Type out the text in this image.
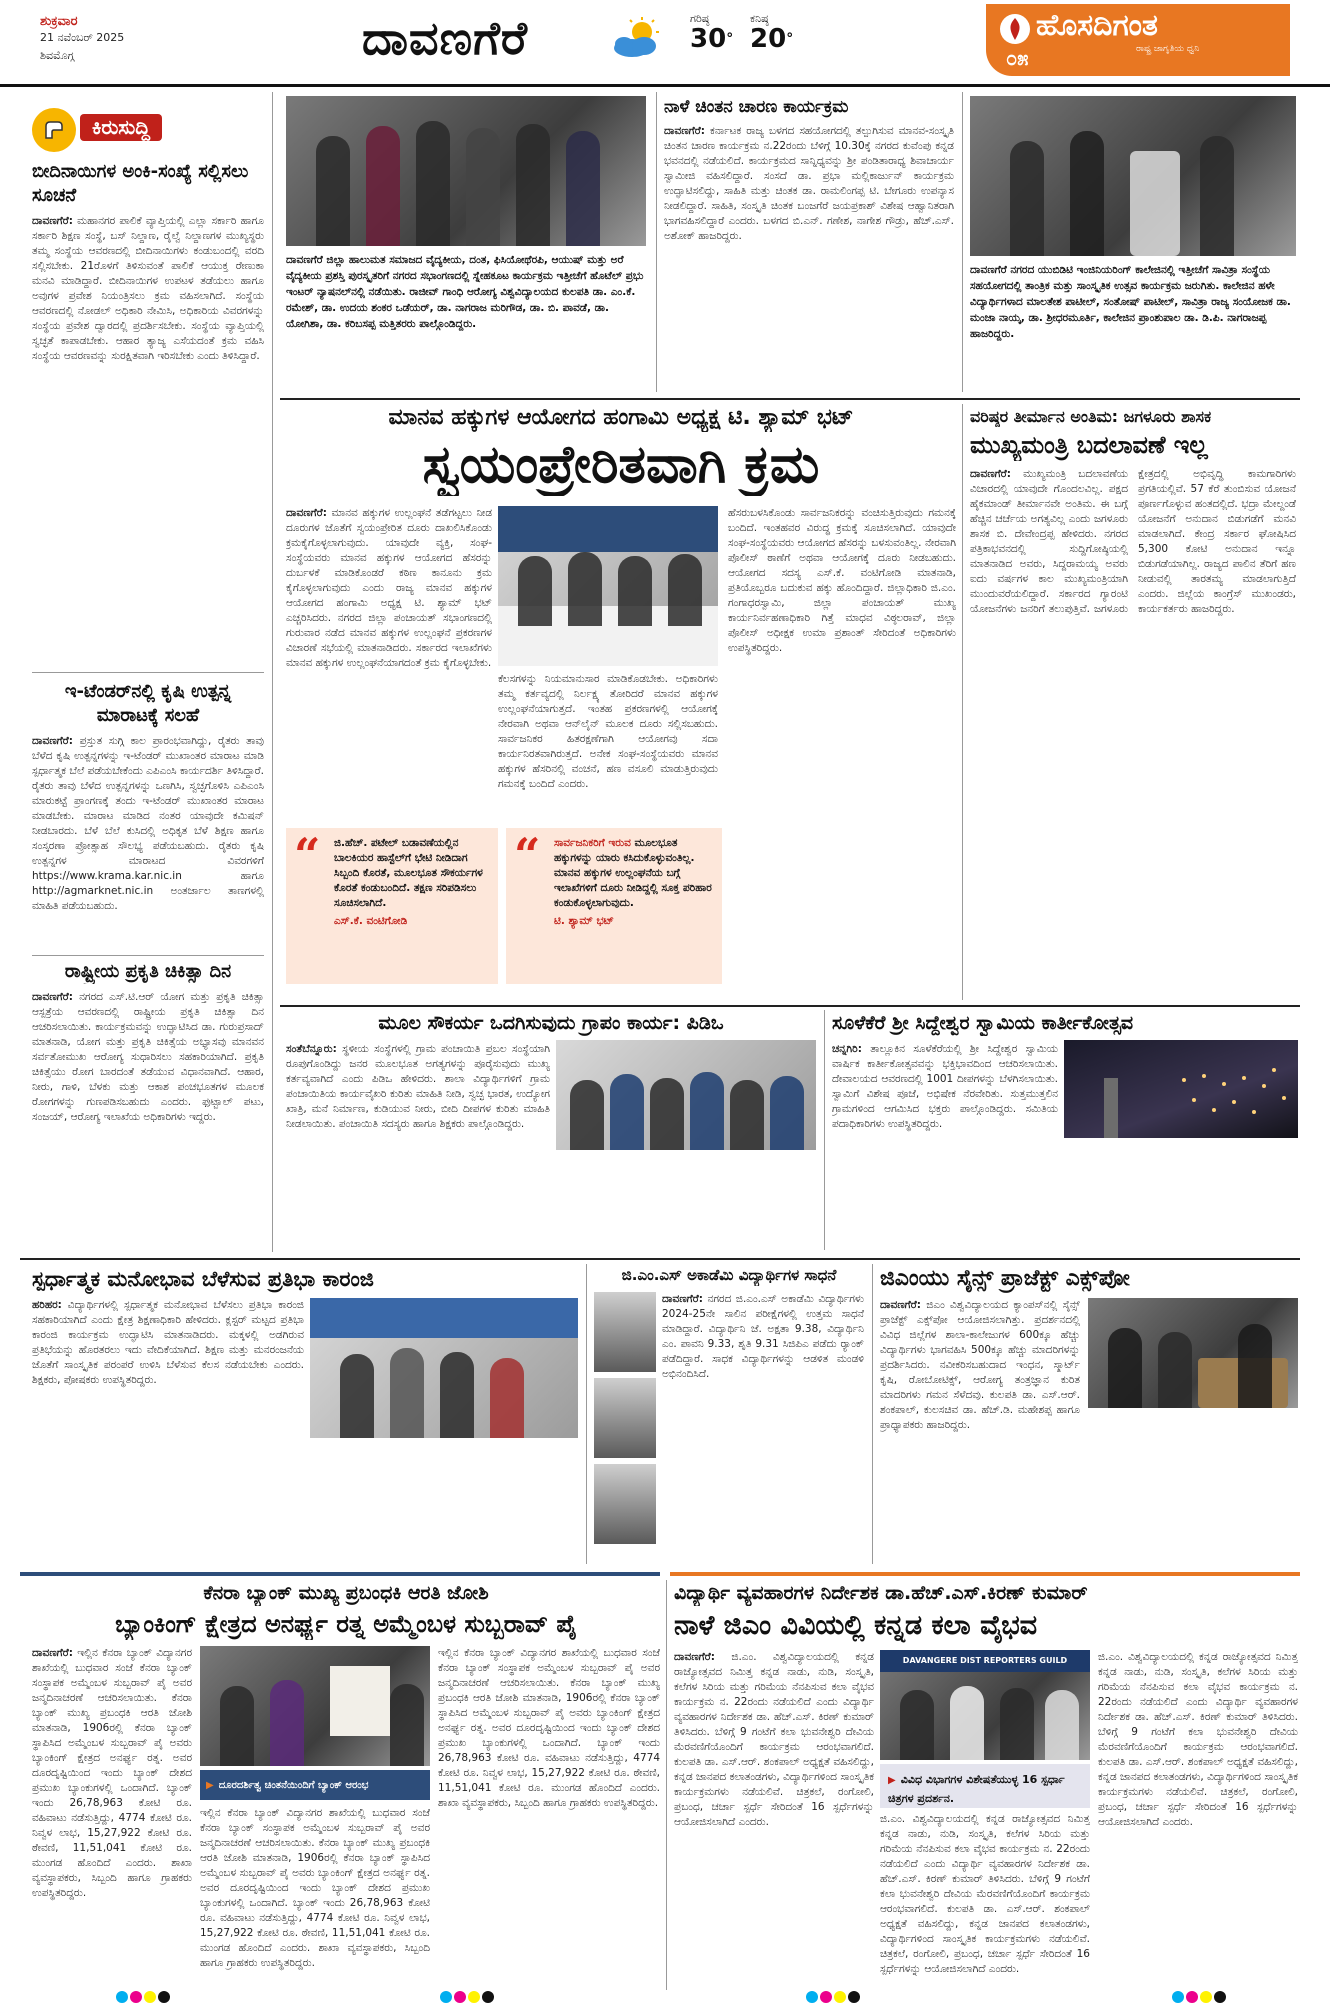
ಶುಕ್ರವಾರ
21 ನವೆಂಬರ್ 2025
ಶಿವಮೊಗ್ಗ	ದಾವಣಗೆರೆ	ಗರಿಷ್ಠ
30°
ಕನಿಷ್ಠ
20°	ಹೊಸದಿಗಂತ
ರಾಷ್ಟ್ರ ಜಾಗೃತಿಯ ಧ್ವನಿ
೦೫
ಕಿರುಸುದ್ದಿ
ಬೀದಿನಾಯಿಗಳ ಅಂಕಿ-ಸಂಖ್ಯೆ ಸಲ್ಲಿಸಲು ಸೂಚನೆ
ದಾವಣಗೆರೆ: ಮಹಾನಗರ ಪಾಲಿಕೆ ವ್ಯಾಪ್ತಿಯಲ್ಲಿ ಎಲ್ಲಾ ಸರ್ಕಾರಿ ಹಾಗೂ ಸರ್ಕಾರಿ ಶಿಕ್ಷಣ ಸಂಸ್ಥೆ, ಬಸ್ ನಿಲ್ದಾಣ, ರೈಲ್ವೆ ನಿಲ್ದಾಣಗಳ ಮುಖ್ಯಸ್ಥರು ತಮ್ಮ ಸಂಸ್ಥೆಯ ಆವರಣದಲ್ಲಿ ಬೀದಿನಾಯಿಗಳು ಕಂಡುಬಂದಲ್ಲಿ ವರದಿ ಸಲ್ಲಿಸಬೇಕು. 21ರೊಳಗೆ ತಿಳಿಸುವಂತೆ ಪಾಲಿಕೆ ಆಯುಕ್ತ ರೇಣುಕಾ ಮನವಿ ಮಾಡಿದ್ದಾರೆ. ಬೀದಿನಾಯಿಗಳ ಉಪಟಳ ತಡೆಯಲು ಹಾಗೂ ಅವುಗಳ ಪ್ರವೇಶ ನಿಯಂತ್ರಿಸಲು ಕ್ರಮ ವಹಿಸಲಾಗಿದೆ. ಸಂಸ್ಥೆಯ ಆವರಣದಲ್ಲಿ ನೋಡಲ್ ಅಧಿಕಾರಿ ನೇಮಿಸಿ, ಅಧಿಕಾರಿಯ ವಿವರಗಳನ್ನು ಸಂಸ್ಥೆಯ ಪ್ರವೇಶ ದ್ವಾರದಲ್ಲಿ ಪ್ರದರ್ಶಿಸಬೇಕು. ಸಂಸ್ಥೆಯ ವ್ಯಾಪ್ತಿಯಲ್ಲಿ ಸ್ವಚ್ಛತೆ ಕಾಪಾಡಬೇಕು. ಆಹಾರ ತ್ಯಾಜ್ಯ ಎಸೆಯದಂತೆ ಕ್ರಮ ವಹಿಸಿ ಸಂಸ್ಥೆಯ ಆವರಣವನ್ನು ಸುರಕ್ಷಿತವಾಗಿ ಇರಿಸಬೇಕು ಎಂದು ತಿಳಿಸಿದ್ದಾರೆ.
ಇ-ಟೆಂಡರ್‌ನಲ್ಲಿ ಕೃಷಿ ಉತ್ಪನ್ನ ಮಾರಾಟಕ್ಕೆ ಸಲಹೆ
ದಾವಣಗೆರೆ: ಪ್ರಸ್ತುತ ಸುಗ್ಗಿ ಕಾಲ ಪ್ರಾರಂಭವಾಗಿದ್ದು, ರೈತರು ತಾವು ಬೆಳೆದ ಕೃಷಿ ಉತ್ಪನ್ನಗಳನ್ನು ಇ-ಟೆಂಡರ್ ಮುಖಾಂತರ ಮಾರಾಟ ಮಾಡಿ ಸ್ಪರ್ಧಾತ್ಮಕ ಬೆಲೆ ಪಡೆಯಬೇಕೆಂದು ಎಪಿಎಂಸಿ ಕಾರ್ಯದರ್ಶಿ ತಿಳಿಸಿದ್ದಾರೆ. ರೈತರು ತಾವು ಬೆಳೆದ ಉತ್ಪನ್ನಗಳನ್ನು ಒಣಗಿಸಿ, ಸ್ವಚ್ಛಗೊಳಿಸಿ ಎಪಿಎಂಸಿ ಮಾರುಕಟ್ಟೆ ಪ್ರಾಂಗಣಕ್ಕೆ ತಂದು ಇ-ಟೆಂಡರ್ ಮುಖಾಂತರ ಮಾರಾಟ ಮಾಡಬೇಕು. ಮಾರಾಟ ಮಾಡಿದ ನಂತರ ಯಾವುದೇ ಕಮಿಷನ್ ನೀಡಬಾರದು. ಬೆಳೆ ಬೆಲೆ ಕುಸಿದಲ್ಲಿ ಅಧಿಕೃತ ಬೆಳೆ ಶಿಕ್ಷಣ ಹಾಗೂ ಸಂಸ್ಕರಣಾ ಪ್ರೋತ್ಸಾಹ ಸೌಲಭ್ಯ ಪಡೆಯಬಹುದು. ರೈತರು ಕೃಷಿ ಉತ್ಪನ್ನಗಳ ಮಾರಾಟದ ವಿವರಗಳಿಗೆ https://www.krama.kar.nic.in ಹಾಗೂ http://agmarknet.nic.in ಅಂತರ್ಜಾಲ ತಾಣಗಳಲ್ಲಿ ಮಾಹಿತಿ ಪಡೆಯಬಹುದು.
ರಾಷ್ಟ್ರೀಯ ಪ್ರಕೃತಿ ಚಿಕಿತ್ಸಾ ದಿನ
ದಾವಣಗೆರೆ: ನಗರದ ಎಸ್.ಟಿ.ಆರ್ ಯೋಗ ಮತ್ತು ಪ್ರಕೃತಿ ಚಿಕಿತ್ಸಾ ಆಸ್ಪತ್ರೆಯ ಆವರಣದಲ್ಲಿ ರಾಷ್ಟ್ರೀಯ ಪ್ರಕೃತಿ ಚಿಕಿತ್ಸಾ ದಿನ ಆಚರಿಸಲಾಯಿತು. ಕಾರ್ಯಕ್ರಮವನ್ನು ಉದ್ಘಾಟಿಸಿದ ಡಾ. ಗುರುಪ್ರಸಾದ್ ಮಾತನಾಡಿ, ಯೋಗ ಮತ್ತು ಪ್ರಕೃತಿ ಚಿಕಿತ್ಸೆಯ ಅಭ್ಯಾಸವು ಮಾನವನ ಸರ್ವತೋಮುಖ ಆರೋಗ್ಯ ಸುಧಾರಿಸಲು ಸಹಕಾರಿಯಾಗಿದೆ. ಪ್ರಕೃತಿ ಚಿಕಿತ್ಸೆಯು ರೋಗ ಬಾರದಂತೆ ತಡೆಯುವ ವಿಧಾನವಾಗಿದೆ. ಆಹಾರ, ನೀರು, ಗಾಳಿ, ಬೆಳಕು ಮತ್ತು ಆಕಾಶ ಪಂಚಭೂತಗಳ ಮೂಲಕ ರೋಗಗಳನ್ನು ಗುಣಪಡಿಸಬಹುದು ಎಂದರು. ಫುಟ್ಬಾಲ್ ಪಟು, ಸಂಜಯ್, ಆರೋಗ್ಯ ಇಲಾಖೆಯ ಅಧಿಕಾರಿಗಳು ಇದ್ದರು.
ದಾವಣಗೆರೆ ಜಿಲ್ಲಾ ಹಾಲುಮತ ಸಮಾಜದ ವೈದ್ಯಕೀಯ, ದಂತ, ಫಿಸಿಯೋಥೆರಪಿ, ಆಯುಷ್ ಮತ್ತು ಅರೆ ವೈದ್ಯಕೀಯ ಪ್ರಶಸ್ತಿ ಪುರಸ್ಕೃತರಿಗೆ ನಗರದ ಸಭಾಂಗಣದಲ್ಲಿ ಸ್ನೇಹಕೂಟ ಕಾರ್ಯಕ್ರಮ ಇತ್ತೀಚೆಗೆ ಹೊಟೆಲ್ ಪ್ರಭು ಇಂಟರ್ ನ್ಯಾಷನಲ್‌ನಲ್ಲಿ ನಡೆಯಿತು. ರಾಜೀವ್ ಗಾಂಧಿ ಆರೋಗ್ಯ ವಿಶ್ವವಿದ್ಯಾಲಯದ ಕುಲಪತಿ ಡಾ. ಎಂ.ಕೆ. ರಮೇಶ್, ಡಾ. ಉದಯ ಶಂಕರ ಒಡೆಯರ್, ಡಾ. ನಾಗರಾಜ ಮರಿಗೌಡ, ಡಾ. ಬಿ. ಪಾವಡೆ, ಡಾ. ಯೋಗಿಶಾ, ಡಾ. ಕರಿಬಸಪ್ಪ ಮತ್ತಿತರರು ಪಾಲ್ಗೊಂಡಿದ್ದರು.
ನಾಳೆ ಚಿಂತನ ಚಾರಣ ಕಾರ್ಯಕ್ರಮ
ದಾವಣಗೆರೆ: ಕರ್ನಾಟಕ ರಾಜ್ಯ ಬಳಗದ ಸಹಯೋಗದಲ್ಲಿ ತಲ್ಪುಗಿಸುವ ಮಾನವ-ಸಂಸ್ಕೃತಿ ಚಿಂತನ ಚಾರಣ ಕಾರ್ಯಕ್ರಮ ನ.22ರಂದು ಬೆಳಿಗ್ಗೆ 10.30ಕ್ಕೆ ನಗರದ ಕುವೆಂಪು ಕನ್ನಡ ಭವನದಲ್ಲಿ ನಡೆಯಲಿದೆ. ಕಾರ್ಯಕ್ರಮದ ಸಾನ್ನಿಧ್ಯವನ್ನು ಶ್ರೀ ಪಂಡಿತಾರಾಧ್ಯ ಶಿವಾಚಾರ್ಯ ಸ್ವಾಮೀಜಿ ವಹಿಸಲಿದ್ದಾರೆ. ಸಂಸದೆ ಡಾ. ಪ್ರಭಾ ಮಲ್ಲಿಕಾರ್ಜುನ್ ಕಾರ್ಯಕ್ರಮ ಉದ್ಘಾಟಿಸಲಿದ್ದು, ಸಾಹಿತಿ ಮತ್ತು ಚಿಂತಕ ಡಾ. ರಾಮಲಿಂಗಪ್ಪ ಟಿ. ಬೇಗೂರು ಉಪನ್ಯಾಸ ನೀಡಲಿದ್ದಾರೆ. ಸಾಹಿತಿ, ಸಂಸ್ಕೃತಿ ಚಿಂತಕ ಬಂಜಗೆರೆ ಜಯಪ್ರಕಾಶ್ ವಿಶೇಷ ಆಹ್ವಾನಿತರಾಗಿ ಭಾಗವಹಿಸಲಿದ್ದಾರೆ ಎಂದರು. ಬಳಗದ ಬಿ.ಎನ್. ಗಣೇಶ, ನಾಗೇಶ ಗೌಡ್ರು, ಹೆಚ್.ಎಸ್. ಅಶೋಕ್ ಹಾಜರಿದ್ದರು.
ದಾವಣಗೆರೆ ನಗರದ ಯುಬಿಡಿಟಿ ಇಂಜಿನಿಯರಿಂಗ್ ಕಾಲೇಜಿನಲ್ಲಿ ಇತ್ತೀಚೆಗೆ ಸಾವಿತ್ರಾ ಸಂಸ್ಥೆಯ ಸಹಯೋಗದಲ್ಲಿ ತಾಂತ್ರಿಕ ಮತ್ತು ಸಾಂಸ್ಕೃತಿಕ ಉತ್ಸವ ಕಾರ್ಯಕ್ರಮ ಜರುಗಿತು. ಕಾಲೇಜಿನ ಹಳೇ ವಿದ್ಯಾರ್ಥಿಗಳಾದ ಮಾಲತೇಶ ಪಾಟೀಲ್, ಸಂತೋಷ್ ಪಾಟೀಲ್, ಸಾವಿತ್ರಾ ರಾಜ್ಯ ಸಂಯೋಜಕ ಡಾ. ಮಂಜಾ ನಾಯ್ಕ, ಡಾ. ಶ್ರೀಧರಮೂರ್ತಿ, ಕಾಲೇಜಿನ ಪ್ರಾಂಶುಪಾಲ ಡಾ. ಡಿ.ಪಿ. ನಾಗರಾಜಪ್ಪ ಹಾಜರಿದ್ದರು.
ಮಾನವ ಹಕ್ಕುಗಳ ಆಯೋಗದ ಹಂಗಾಮಿ ಅಧ್ಯಕ್ಷ ಟಿ. ಶ್ಯಾಮ್ ಭಟ್
ಸ್ವಯಂಪ್ರೇರಿತವಾಗಿ ಕ್ರಮ
ದಾವಣಗೆರೆ: ಮಾನವ ಹಕ್ಕುಗಳ ಉಲ್ಲಂಘನೆ ತಡೆಗಟ್ಟಲು ನೀಡ ದೂರುಗಳ ಜೊತೆಗೆ ಸ್ವಯಂಪ್ರೇರಿತ ದೂರು ದಾಖಲಿಸಿಕೊಂಡು ಕ್ರಮಕೈಗೊಳ್ಳಲಾಗುವುದು. ಯಾವುದೇ ವ್ಯಕ್ತಿ, ಸಂಘ-ಸಂಸ್ಥೆಯವರು ಮಾನವ ಹಕ್ಕುಗಳ ಆಯೋಗದ ಹೆಸರನ್ನು ದುರ್ಬಳಕೆ ಮಾಡಿಕೊಂಡರೆ ಕಠಿಣ ಕಾನೂನು ಕ್ರಮ ಕೈಗೊಳ್ಳಲಾಗುವುದು ಎಂದು ರಾಜ್ಯ ಮಾನವ ಹಕ್ಕುಗಳ ಆಯೋಗದ ಹಂಗಾಮಿ ಅಧ್ಯಕ್ಷ ಟಿ. ಶ್ಯಾಮ್ ಭಟ್ ಎಚ್ಚರಿಸಿದರು. ನಗರದ ಜಿಲ್ಲಾ ಪಂಚಾಯತ್ ಸಭಾಂಗಣದಲ್ಲಿ ಗುರುವಾರ ನಡೆದ ಮಾನವ ಹಕ್ಕುಗಳ ಉಲ್ಲಂಘನೆ ಪ್ರಕರಣಗಳ ವಿಚಾರಣೆ ಸಭೆಯಲ್ಲಿ ಮಾತನಾಡಿದರು. ಸರ್ಕಾರದ ಇಲಾಖೆಗಳು ಮಾನವ ಹಕ್ಕುಗಳ ಉಲ್ಲಂಘನೆಯಾಗದಂತೆ ಕ್ರಮ ಕೈಗೊಳ್ಳಬೇಕು.
ಕೆಲಸಗಳನ್ನು ನಿಯಮಾನುಸಾರ ಮಾಡಿಕೊಡಬೇಕು. ಅಧಿಕಾರಿಗಳು ತಮ್ಮ ಕರ್ತವ್ಯದಲ್ಲಿ ನಿರ್ಲಕ್ಷ್ಯ ತೋರಿದರೆ ಮಾನವ ಹಕ್ಕುಗಳ ಉಲ್ಲಂಘನೆಯಾಗುತ್ತದೆ. ಇಂತಹ ಪ್ರಕರಣಗಳಲ್ಲಿ ಆಯೋಗಕ್ಕೆ ನೇರವಾಗಿ ಅಥವಾ ಆನ್‌ಲೈನ್ ಮೂಲಕ ದೂರು ಸಲ್ಲಿಸಬಹುದು. ಸಾರ್ವಜನಿಕರ ಹಿತರಕ್ಷಣೆಗಾಗಿ ಆಯೋಗವು ಸದಾ ಕಾರ್ಯನಿರತವಾಗಿರುತ್ತದೆ. ಅನೇಕ ಸಂಘ-ಸಂಸ್ಥೆಯವರು ಮಾನವ ಹಕ್ಕುಗಳ ಹೆಸರಿನಲ್ಲಿ ವಂಚನೆ, ಹಣ ವಸೂಲಿ ಮಾಡುತ್ತಿರುವುದು ಗಮನಕ್ಕೆ ಬಂದಿದೆ ಎಂದರು.
ಹೆಸರುಬಳಸಿಕೊಂಡು ಸಾರ್ವಜನಿಕರನ್ನು ವಂಚಿಸುತ್ತಿರುವುದು ಗಮನಕ್ಕೆ ಬಂದಿದೆ. ಇಂತಹವರ ವಿರುದ್ಧ ಕ್ರಮಕ್ಕೆ ಸೂಚಿಸಲಾಗಿದೆ. ಯಾವುದೇ ಸಂಘ-ಸಂಸ್ಥೆಯವರು ಆಯೋಗದ ಹೆಸರನ್ನು ಬಳಸುವಂತಿಲ್ಲ. ನೇರವಾಗಿ ಪೊಲೀಸ್ ಠಾಣೆಗೆ ಅಥವಾ ಆಯೋಗಕ್ಕೆ ದೂರು ನೀಡಬಹುದು. ಆಯೋಗದ ಸದಸ್ಯ ಎಸ್.ಕೆ. ವಂಟಿಗೋಡಿ ಮಾತನಾಡಿ, ಪ್ರತಿಯೊಬ್ಬರೂ ಬದುಕುವ ಹಕ್ಕು ಹೊಂದಿದ್ದಾರೆ. ಜಿಲ್ಲಾಧಿಕಾರಿ ಜಿ.ಎಂ. ಗಂಗಾಧರಸ್ವಾಮಿ, ಜಿಲ್ಲಾ ಪಂಚಾಯತ್ ಮುಖ್ಯ ಕಾರ್ಯನಿರ್ವಹಣಾಧಿಕಾರಿ ಗಿತ್ತೆ ಮಾಧವ ವಿಠ್ಠಲರಾವ್, ಜಿಲ್ಲಾ ಪೊಲೀಸ್ ಅಧೀಕ್ಷಕ ಉಮಾ ಪ್ರಶಾಂತ್ ಸೇರಿದಂತೆ ಅಧಿಕಾರಿಗಳು ಉಪಸ್ಥಿತರಿದ್ದರು.
“ ಜಿ.ಹೆಚ್. ಪಟೇಲ್ ಬಡಾವಣೆಯಲ್ಲಿನ ಬಾಲಕಿಯರ ಹಾಸ್ಟೆಲ್‌ಗೆ ಭೇಟಿ ನೀಡಿದಾಗ ಸಿಬ್ಬಂದಿ ಕೊರತೆ, ಮೂಲಭೂತ ಸೌಕರ್ಯಗಳ ಕೊರತೆ ಕಂಡುಬಂದಿದೆ. ತಕ್ಷಣ ಸರಿಪಡಿಸಲು ಸೂಚಿಸಲಾಗಿದೆ.
ಎಸ್.ಕೆ. ವಂಟಿಗೋಡಿ
“ ಸಾರ್ವಜನಿಕರಿಗೆ ಇರುವ ಮೂಲಭೂತ ಹಕ್ಕುಗಳನ್ನು ಯಾರು ಕಸಿದುಕೊಳ್ಳುವಂತಿಲ್ಲ. ಮಾನವ ಹಕ್ಕುಗಳ ಉಲ್ಲಂಘನೆಯ ಬಗ್ಗೆ ಇಲಾಖೆಗಳಿಗೆ ದೂರು ನೀಡಿದ್ದಲ್ಲಿ ಸೂಕ್ತ ಪರಿಹಾರ ಕಂಡುಕೊಳ್ಳಲಾಗುವುದು.
ಟಿ. ಶ್ಯಾಮ್ ಭಟ್
ವರಿಷ್ಠರ ತೀರ್ಮಾನ ಅಂತಿಮ: ಜಗಳೂರು ಶಾಸಕ
ಮುಖ್ಯಮಂತ್ರಿ ಬದಲಾವಣೆ ಇಲ್ಲ
ದಾವಣಗೆರೆ: ಮುಖ್ಯಮಂತ್ರಿ ಬದಲಾವಣೆಯ ವಿಚಾರದಲ್ಲಿ ಯಾವುದೇ ಗೊಂದಲವಿಲ್ಲ. ಪಕ್ಷದ ಹೈಕಮಾಂಡ್ ತೀರ್ಮಾನವೇ ಅಂತಿಮ. ಈ ಬಗ್ಗೆ ಹೆಚ್ಚಿನ ಚರ್ಚೆಯ ಅಗತ್ಯವಿಲ್ಲ ಎಂದು ಜಗಳೂರು ಶಾಸಕ ಬಿ. ದೇವೇಂದ್ರಪ್ಪ ಹೇಳಿದರು. ನಗರದ ಪತ್ರಿಕಾಭವನದಲ್ಲಿ ಸುದ್ದಿಗೋಷ್ಠಿಯಲ್ಲಿ ಮಾತನಾಡಿದ ಅವರು, ಸಿದ್ದರಾಮಯ್ಯ ಅವರು ಐದು ವರ್ಷಗಳ ಕಾಲ ಮುಖ್ಯಮಂತ್ರಿಯಾಗಿ ಮುಂದುವರೆಯಲಿದ್ದಾರೆ. ಸರ್ಕಾರದ ಗ್ಯಾರಂಟಿ ಯೋಜನೆಗಳು ಜನರಿಗೆ ತಲುಪುತ್ತಿವೆ. ಜಗಳೂರು ಕ್ಷೇತ್ರದಲ್ಲಿ ಅಭಿವೃದ್ಧಿ ಕಾಮಗಾರಿಗಳು ಪ್ರಗತಿಯಲ್ಲಿವೆ. 57 ಕೆರೆ ತುಂಬಿಸುವ ಯೋಜನೆ ಪೂರ್ಣಗೊಳ್ಳುವ ಹಂತದಲ್ಲಿದೆ. ಭದ್ರಾ ಮೇಲ್ದಂಡೆ ಯೋಜನೆಗೆ ಅನುದಾನ ಬಿಡುಗಡೆಗೆ ಮನವಿ ಮಾಡಲಾಗಿದೆ. ಕೇಂದ್ರ ಸರ್ಕಾರ ಘೋಷಿಸಿದ 5,300 ಕೋಟಿ ಅನುದಾನ ಇನ್ನೂ ಬಿಡುಗಡೆಯಾಗಿಲ್ಲ. ರಾಜ್ಯದ ಪಾಲಿನ ತೆರಿಗೆ ಹಣ ನೀಡುವಲ್ಲಿ ತಾರತಮ್ಯ ಮಾಡಲಾಗುತ್ತಿದೆ ಎಂದರು. ಜಿಲ್ಲೆಯ ಕಾಂಗ್ರೆಸ್ ಮುಖಂಡರು, ಕಾರ್ಯಕರ್ತರು ಹಾಜರಿದ್ದರು.
ಮೂಲ ಸೌಕರ್ಯ ಒದಗಿಸುವುದು ಗ್ರಾಪಂ ಕಾರ್ಯ: ಪಿಡಿಒ
ಸಂತೆಬೆನ್ನೂರು: ಸ್ಥಳೀಯ ಸಂಸ್ಥೆಗಳಲ್ಲಿ ಗ್ರಾಮ ಪಂಚಾಯಿತಿ ಪ್ರಬಲ ಸಂಸ್ಥೆಯಾಗಿ ರೂಪುಗೊಂಡಿದ್ದು ಜನರ ಮೂಲಭೂತ ಅಗತ್ಯಗಳನ್ನು ಪೂರೈಸುವುದು ಮುಖ್ಯ ಕರ್ತವ್ಯವಾಗಿದೆ ಎಂದು ಪಿಡಿಒ ಹೇಳಿದರು. ಶಾಲಾ ವಿದ್ಯಾರ್ಥಿಗಳಿಗೆ ಗ್ರಾಮ ಪಂಚಾಯಿತಿಯ ಕಾರ್ಯವೈಖರಿ ಕುರಿತು ಮಾಹಿತಿ ನೀಡಿ, ಸ್ವಚ್ಛ ಭಾರತ, ಉದ್ಯೋಗ ಖಾತ್ರಿ, ಮನೆ ನಿರ್ಮಾಣ, ಕುಡಿಯುವ ನೀರು, ಬೀದಿ ದೀಪಗಳ ಕುರಿತು ಮಾಹಿತಿ ನೀಡಲಾಯಿತು. ಪಂಚಾಯಿತಿ ಸದಸ್ಯರು ಹಾಗೂ ಶಿಕ್ಷಕರು ಪಾಲ್ಗೊಂಡಿದ್ದರು.
ಸೂಳೆಕೆರೆ ಶ್ರೀ ಸಿದ್ದೇಶ್ವರ ಸ್ವಾಮಿಯ ಕಾರ್ತೀಕೋತ್ಸವ
ಚನ್ನಗಿರಿ: ತಾಲ್ಲೂಕಿನ ಸೂಳೆಕೆರೆಯಲ್ಲಿ ಶ್ರೀ ಸಿದ್ದೇಶ್ವರ ಸ್ವಾಮಿಯ ವಾರ್ಷಿಕ ಕಾರ್ತೀಕೋತ್ಸವವನ್ನು ಭಕ್ತಿಭಾವದಿಂದ ಆಚರಿಸಲಾಯಿತು. ದೇವಾಲಯದ ಆವರಣದಲ್ಲಿ 1001 ದೀಪಗಳನ್ನು ಬೆಳಗಿಸಲಾಯಿತು. ಸ್ವಾಮಿಗೆ ವಿಶೇಷ ಪೂಜೆ, ಅಭಿಷೇಕ ನೆರವೇರಿತು. ಸುತ್ತಮುತ್ತಲಿನ ಗ್ರಾಮಗಳಿಂದ ಆಗಮಿಸಿದ ಭಕ್ತರು ಪಾಲ್ಗೊಂಡಿದ್ದರು. ಸಮಿತಿಯ ಪದಾಧಿಕಾರಿಗಳು ಉಪಸ್ಥಿತರಿದ್ದರು.
ಸ್ಪರ್ಧಾತ್ಮಕ ಮನೋಭಾವ ಬೆಳೆಸುವ ಪ್ರತಿಭಾ ಕಾರಂಜಿ
ಹರಿಹರ: ವಿದ್ಯಾರ್ಥಿಗಳಲ್ಲಿ ಸ್ಪರ್ಧಾತ್ಮಕ ಮನೋಭಾವ ಬೆಳೆಸಲು ಪ್ರತಿಭಾ ಕಾರಂಜಿ ಸಹಕಾರಿಯಾಗಿದೆ ಎಂದು ಕ್ಷೇತ್ರ ಶಿಕ್ಷಣಾಧಿಕಾರಿ ಹೇಳಿದರು. ಕ್ಲಸ್ಟರ್ ಮಟ್ಟದ ಪ್ರತಿಭಾ ಕಾರಂಜಿ ಕಾರ್ಯಕ್ರಮ ಉದ್ಘಾಟಿಸಿ ಮಾತನಾಡಿದರು. ಮಕ್ಕಳಲ್ಲಿ ಅಡಗಿರುವ ಪ್ರತಿಭೆಯನ್ನು ಹೊರತರಲು ಇದು ವೇದಿಕೆಯಾಗಿದೆ. ಶಿಕ್ಷಣ ಮತ್ತು ಮನರಂಜನೆಯ ಜೊತೆಗೆ ಸಾಂಸ್ಕೃತಿಕ ಪರಂಪರೆ ಉಳಿಸಿ ಬೆಳೆಸುವ ಕೆಲಸ ನಡೆಯಬೇಕು ಎಂದರು. ಶಿಕ್ಷಕರು, ಪೋಷಕರು ಉಪಸ್ಥಿತರಿದ್ದರು.
ಜಿ.ಎಂ.ಎಸ್ ಅಕಾಡೆಮಿ ವಿದ್ಯಾರ್ಥಿಗಳ ಸಾಧನೆ
ದಾವಣಗೆರೆ: ನಗರದ ಜಿ.ಎಂ.ಎಸ್ ಅಕಾಡೆಮಿ ವಿದ್ಯಾರ್ಥಿಗಳು 2024-25ನೇ ಸಾಲಿನ ಪರೀಕ್ಷೆಗಳಲ್ಲಿ ಉತ್ತಮ ಸಾಧನೆ ಮಾಡಿದ್ದಾರೆ. ವಿದ್ಯಾರ್ಥಿನಿ ಜೆ. ಅಕ್ಷತಾ 9.38, ವಿದ್ಯಾರ್ಥಿನಿ ಎಂ. ಪಾವನಿ 9.33, ಶೃತಿ 9.31 ಸಿಜಿಪಿಎ ಪಡೆದು ರ‍್ಯಾಂಕ್ ಪಡೆದಿದ್ದಾರೆ. ಸಾಧಕ ವಿದ್ಯಾರ್ಥಿಗಳನ್ನು ಆಡಳಿತ ಮಂಡಳಿ ಅಭಿನಂದಿಸಿದೆ.
ಜಿಎಂಯು ಸೈನ್ಸ್ ಪ್ರಾಜೆಕ್ಟ್ ಎಕ್ಸ್‌ಪೋ
ದಾವಣಗೆರೆ: ಜಿಎಂ ವಿಶ್ವವಿದ್ಯಾಲಯದ ಕ್ಯಾಂಪಸ್‌ನಲ್ಲಿ ಸೈನ್ಸ್ ಪ್ರಾಜೆಕ್ಟ್ ಎಕ್ಸ್‌ಪೋ ಆಯೋಜಿಸಲಾಗಿತ್ತು. ಪ್ರದರ್ಶನದಲ್ಲಿ ವಿವಿಧ ಜಿಲ್ಲೆಗಳ ಶಾಲಾ-ಕಾಲೇಜುಗಳ 600ಕ್ಕೂ ಹೆಚ್ಚು ವಿದ್ಯಾರ್ಥಿಗಳು ಭಾಗವಹಿಸಿ 500ಕ್ಕೂ ಹೆಚ್ಚು ಮಾದರಿಗಳನ್ನು ಪ್ರದರ್ಶಿಸಿದರು. ನವೀಕರಿಸಬಹುದಾದ ಇಂಧನ, ಸ್ಮಾರ್ಟ್ ಕೃಷಿ, ರೋಬೋಟಿಕ್ಸ್, ಆರೋಗ್ಯ ತಂತ್ರಜ್ಞಾನ ಕುರಿತ ಮಾದರಿಗಳು ಗಮನ ಸೆಳೆದವು. ಕುಲಪತಿ ಡಾ. ಎಸ್.ಆರ್. ಶಂಕಪಾಲ್, ಕುಲಸಚಿವ ಡಾ. ಹೆಚ್.ಡಿ. ಮಹೇಶಪ್ಪ ಹಾಗೂ ಪ್ರಾಧ್ಯಾಪಕರು ಹಾಜರಿದ್ದರು.
ಕೆನರಾ ಬ್ಯಾಂಕ್ ಮುಖ್ಯ ಪ್ರಬಂಧಕಿ ಆರತಿ ಜೋಶಿ
ಬ್ಯಾಂಕಿಂಗ್ ಕ್ಷೇತ್ರದ ಅನರ್ಘ್ಯ ರತ್ನ ಅಮ್ಮೆಂಬಳ ಸುಬ್ಬರಾವ್ ಪೈ
ದಾವಣಗೆರೆ: ಇಲ್ಲಿನ ಕೆನರಾ ಬ್ಯಾಂಕ್ ವಿದ್ಯಾನಗರ ಶಾಖೆಯಲ್ಲಿ ಬುಧವಾರ ಸಂಜೆ ಕೆನರಾ ಬ್ಯಾಂಕ್ ಸಂಸ್ಥಾಪಕ ಅಮ್ಮೆಂಬಳ ಸುಬ್ಬರಾವ್ ಪೈ ಅವರ ಜನ್ಮದಿನಾಚರಣೆ ಆಚರಿಸಲಾಯಿತು. ಕೆನರಾ ಬ್ಯಾಂಕ್ ಮುಖ್ಯ ಪ್ರಬಂಧಕಿ ಆರತಿ ಜೋಶಿ ಮಾತನಾಡಿ, 1906ರಲ್ಲಿ ಕೆನರಾ ಬ್ಯಾಂಕ್ ಸ್ಥಾಪಿಸಿದ ಅಮ್ಮೆಂಬಳ ಸುಬ್ಬರಾವ್ ಪೈ ಅವರು ಬ್ಯಾಂಕಿಂಗ್ ಕ್ಷೇತ್ರದ ಅನರ್ಘ್ಯ ರತ್ನ. ಅವರ ದೂರದೃಷ್ಟಿಯಿಂದ ಇಂದು ಬ್ಯಾಂಕ್ ದೇಶದ ಪ್ರಮುಖ ಬ್ಯಾಂಕುಗಳಲ್ಲಿ ಒಂದಾಗಿದೆ. ಬ್ಯಾಂಕ್ ಇಂದು 26,78,963 ಕೋಟಿ ರೂ. ವಹಿವಾಟು ನಡೆಸುತ್ತಿದ್ದು, 4774 ಕೋಟಿ ರೂ. ನಿವ್ವಳ ಲಾಭ, 15,27,922 ಕೋಟಿ ರೂ. ಠೇವಣಿ, 11,51,041 ಕೋಟಿ ರೂ. ಮುಂಗಡ ಹೊಂದಿದೆ ಎಂದರು. ಶಾಖಾ ವ್ಯವಸ್ಥಾಪಕರು, ಸಿಬ್ಬಂದಿ ಹಾಗೂ ಗ್ರಾಹಕರು ಉಪಸ್ಥಿತರಿದ್ದರು.
▶ ದೂರದರ್ಶಿತ್ವ ಚಿಂತನೆಯಿಂದಿಗೆ ಬ್ಯಾಂಕ್ ಆರಂಭ
ಇಲ್ಲಿನ ಕೆನರಾ ಬ್ಯಾಂಕ್ ವಿದ್ಯಾನಗರ ಶಾಖೆಯಲ್ಲಿ ಬುಧವಾರ ಸಂಜೆ ಕೆನರಾ ಬ್ಯಾಂಕ್ ಸಂಸ್ಥಾಪಕ ಅಮ್ಮೆಂಬಳ ಸುಬ್ಬರಾವ್ ಪೈ ಅವರ ಜನ್ಮದಿನಾಚರಣೆ ಆಚರಿಸಲಾಯಿತು. ಕೆನರಾ ಬ್ಯಾಂಕ್ ಮುಖ್ಯ ಪ್ರಬಂಧಕಿ ಆರತಿ ಜೋಶಿ ಮಾತನಾಡಿ, 1906ರಲ್ಲಿ ಕೆನರಾ ಬ್ಯಾಂಕ್ ಸ್ಥಾಪಿಸಿದ ಅಮ್ಮೆಂಬಳ ಸುಬ್ಬರಾವ್ ಪೈ ಅವರು ಬ್ಯಾಂಕಿಂಗ್ ಕ್ಷೇತ್ರದ ಅನರ್ಘ್ಯ ರತ್ನ. ಅವರ ದೂರದೃಷ್ಟಿಯಿಂದ ಇಂದು ಬ್ಯಾಂಕ್ ದೇಶದ ಪ್ರಮುಖ ಬ್ಯಾಂಕುಗಳಲ್ಲಿ ಒಂದಾಗಿದೆ. ಬ್ಯಾಂಕ್ ಇಂದು 26,78,963 ಕೋಟಿ ರೂ. ವಹಿವಾಟು ನಡೆಸುತ್ತಿದ್ದು, 4774 ಕೋಟಿ ರೂ. ನಿವ್ವಳ ಲಾಭ, 15,27,922 ಕೋಟಿ ರೂ. ಠೇವಣಿ, 11,51,041 ಕೋಟಿ ರೂ. ಮುಂಗಡ ಹೊಂದಿದೆ ಎಂದರು. ಶಾಖಾ ವ್ಯವಸ್ಥಾಪಕರು, ಸಿಬ್ಬಂದಿ ಹಾಗೂ ಗ್ರಾಹಕರು ಉಪಸ್ಥಿತರಿದ್ದರು.
ಇಲ್ಲಿನ ಕೆನರಾ ಬ್ಯಾಂಕ್ ವಿದ್ಯಾನಗರ ಶಾಖೆಯಲ್ಲಿ ಬುಧವಾರ ಸಂಜೆ ಕೆನರಾ ಬ್ಯಾಂಕ್ ಸಂಸ್ಥಾಪಕ ಅಮ್ಮೆಂಬಳ ಸುಬ್ಬರಾವ್ ಪೈ ಅವರ ಜನ್ಮದಿನಾಚರಣೆ ಆಚರಿಸಲಾಯಿತು. ಕೆನರಾ ಬ್ಯಾಂಕ್ ಮುಖ್ಯ ಪ್ರಬಂಧಕಿ ಆರತಿ ಜೋಶಿ ಮಾತನಾಡಿ, 1906ರಲ್ಲಿ ಕೆನರಾ ಬ್ಯಾಂಕ್ ಸ್ಥಾಪಿಸಿದ ಅಮ್ಮೆಂಬಳ ಸುಬ್ಬರಾವ್ ಪೈ ಅವರು ಬ್ಯಾಂಕಿಂಗ್ ಕ್ಷೇತ್ರದ ಅನರ್ಘ್ಯ ರತ್ನ. ಅವರ ದೂರದೃಷ್ಟಿಯಿಂದ ಇಂದು ಬ್ಯಾಂಕ್ ದೇಶದ ಪ್ರಮುಖ ಬ್ಯಾಂಕುಗಳಲ್ಲಿ ಒಂದಾಗಿದೆ. ಬ್ಯಾಂಕ್ ಇಂದು 26,78,963 ಕೋಟಿ ರೂ. ವಹಿವಾಟು ನಡೆಸುತ್ತಿದ್ದು, 4774 ಕೋಟಿ ರೂ. ನಿವ್ವಳ ಲಾಭ, 15,27,922 ಕೋಟಿ ರೂ. ಠೇವಣಿ, 11,51,041 ಕೋಟಿ ರೂ. ಮುಂಗಡ ಹೊಂದಿದೆ ಎಂದರು. ಶಾಖಾ ವ್ಯವಸ್ಥಾಪಕರು, ಸಿಬ್ಬಂದಿ ಹಾಗೂ ಗ್ರಾಹಕರು ಉಪಸ್ಥಿತರಿದ್ದರು.
ವಿದ್ಯಾರ್ಥಿ ವ್ಯವಹಾರಗಳ ನಿರ್ದೇಶಕ ಡಾ.ಹೆಚ್.ಎಸ್.ಕಿರಣ್ ಕುಮಾರ್
ನಾಳೆ ಜಿಎಂ ವಿವಿಯಲ್ಲಿ ಕನ್ನಡ ಕಲಾ ವೈಭವ
ದಾವಣಗೆರೆ: ಜಿ.ಎಂ. ವಿಶ್ವವಿದ್ಯಾಲಯದಲ್ಲಿ ಕನ್ನಡ ರಾಜ್ಯೋತ್ಸವದ ನಿಮಿತ್ತ ಕನ್ನಡ ನಾಡು, ನುಡಿ, ಸಂಸ್ಕೃತಿ, ಕಲೆಗಳ ಸಿರಿಯ ಮತ್ತು ಗರಿಮೆಯ ನೆನಪಿಸುವ ಕಲಾ ವೈಭವ ಕಾರ್ಯಕ್ರಮ ನ. 22ರಂದು ನಡೆಯಲಿದೆ ಎಂದು ವಿದ್ಯಾರ್ಥಿ ವ್ಯವಹಾರಗಳ ನಿರ್ದೇಶಕ ಡಾ. ಹೆಚ್.ಎಸ್. ಕಿರಣ್ ಕುಮಾರ್ ತಿಳಿಸಿದರು. ಬೆಳಿಗ್ಗೆ 9 ಗಂಟೆಗೆ ಕಲಾ ಭುವನೇಶ್ವರಿ ದೇವಿಯ ಮೆರವಣಿಗೆಯೊಂದಿಗೆ ಕಾರ್ಯಕ್ರಮ ಆರಂಭವಾಗಲಿದೆ. ಕುಲಪತಿ ಡಾ. ಎಸ್.ಆರ್. ಶಂಕಪಾಲ್ ಅಧ್ಯಕ್ಷತೆ ವಹಿಸಲಿದ್ದು, ಕನ್ನಡ ಜಾನಪದ ಕಲಾತಂಡಗಳು, ವಿದ್ಯಾರ್ಥಿಗಳಿಂದ ಸಾಂಸ್ಕೃತಿಕ ಕಾರ್ಯಕ್ರಮಗಳು ನಡೆಯಲಿವೆ. ಚಿತ್ರಕಲೆ, ರಂಗೋಲಿ, ಪ್ರಬಂಧ, ಚರ್ಚಾ ಸ್ಪರ್ಧೆ ಸೇರಿದಂತೆ 16 ಸ್ಪರ್ಧೆಗಳನ್ನು ಆಯೋಜಿಸಲಾಗಿದೆ ಎಂದರು.
DAVANGERE DIST REPORTERS GUILD
▶ ವಿವಿಧ ವಿಭಾಗಗಳ ವಿಶೇಷತೆಯುಳ್ಳ 16 ಸ್ಪರ್ಧಾ ಚಿತ್ರಗಳ ಪ್ರದರ್ಶನ.
ಜಿ.ಎಂ. ವಿಶ್ವವಿದ್ಯಾಲಯದಲ್ಲಿ ಕನ್ನಡ ರಾಜ್ಯೋತ್ಸವದ ನಿಮಿತ್ತ ಕನ್ನಡ ನಾಡು, ನುಡಿ, ಸಂಸ್ಕೃತಿ, ಕಲೆಗಳ ಸಿರಿಯ ಮತ್ತು ಗರಿಮೆಯ ನೆನಪಿಸುವ ಕಲಾ ವೈಭವ ಕಾರ್ಯಕ್ರಮ ನ. 22ರಂದು ನಡೆಯಲಿದೆ ಎಂದು ವಿದ್ಯಾರ್ಥಿ ವ್ಯವಹಾರಗಳ ನಿರ್ದೇಶಕ ಡಾ. ಹೆಚ್.ಎಸ್. ಕಿರಣ್ ಕುಮಾರ್ ತಿಳಿಸಿದರು. ಬೆಳಿಗ್ಗೆ 9 ಗಂಟೆಗೆ ಕಲಾ ಭುವನೇಶ್ವರಿ ದೇವಿಯ ಮೆರವಣಿಗೆಯೊಂದಿಗೆ ಕಾರ್ಯಕ್ರಮ ಆರಂಭವಾಗಲಿದೆ. ಕುಲಪತಿ ಡಾ. ಎಸ್.ಆರ್. ಶಂಕಪಾಲ್ ಅಧ್ಯಕ್ಷತೆ ವಹಿಸಲಿದ್ದು, ಕನ್ನಡ ಜಾನಪದ ಕಲಾತಂಡಗಳು, ವಿದ್ಯಾರ್ಥಿಗಳಿಂದ ಸಾಂಸ್ಕೃತಿಕ ಕಾರ್ಯಕ್ರಮಗಳು ನಡೆಯಲಿವೆ. ಚಿತ್ರಕಲೆ, ರಂಗೋಲಿ, ಪ್ರಬಂಧ, ಚರ್ಚಾ ಸ್ಪರ್ಧೆ ಸೇರಿದಂತೆ 16 ಸ್ಪರ್ಧೆಗಳನ್ನು ಆಯೋಜಿಸಲಾಗಿದೆ ಎಂದರು.
ಜಿ.ಎಂ. ವಿಶ್ವವಿದ್ಯಾಲಯದಲ್ಲಿ ಕನ್ನಡ ರಾಜ್ಯೋತ್ಸವದ ನಿಮಿತ್ತ ಕನ್ನಡ ನಾಡು, ನುಡಿ, ಸಂಸ್ಕೃತಿ, ಕಲೆಗಳ ಸಿರಿಯ ಮತ್ತು ಗರಿಮೆಯ ನೆನಪಿಸುವ ಕಲಾ ವೈಭವ ಕಾರ್ಯಕ್ರಮ ನ. 22ರಂದು ನಡೆಯಲಿದೆ ಎಂದು ವಿದ್ಯಾರ್ಥಿ ವ್ಯವಹಾರಗಳ ನಿರ್ದೇಶಕ ಡಾ. ಹೆಚ್.ಎಸ್. ಕಿರಣ್ ಕುಮಾರ್ ತಿಳಿಸಿದರು. ಬೆಳಿಗ್ಗೆ 9 ಗಂಟೆಗೆ ಕಲಾ ಭುವನೇಶ್ವರಿ ದೇವಿಯ ಮೆರವಣಿಗೆಯೊಂದಿಗೆ ಕಾರ್ಯಕ್ರಮ ಆರಂಭವಾಗಲಿದೆ. ಕುಲಪತಿ ಡಾ. ಎಸ್.ಆರ್. ಶಂಕಪಾಲ್ ಅಧ್ಯಕ್ಷತೆ ವಹಿಸಲಿದ್ದು, ಕನ್ನಡ ಜಾನಪದ ಕಲಾತಂಡಗಳು, ವಿದ್ಯಾರ್ಥಿಗಳಿಂದ ಸಾಂಸ್ಕೃತಿಕ ಕಾರ್ಯಕ್ರಮಗಳು ನಡೆಯಲಿವೆ. ಚಿತ್ರಕಲೆ, ರಂಗೋಲಿ, ಪ್ರಬಂಧ, ಚರ್ಚಾ ಸ್ಪರ್ಧೆ ಸೇರಿದಂತೆ 16 ಸ್ಪರ್ಧೆಗಳನ್ನು ಆಯೋಜಿಸಲಾಗಿದೆ ಎಂದರು.
